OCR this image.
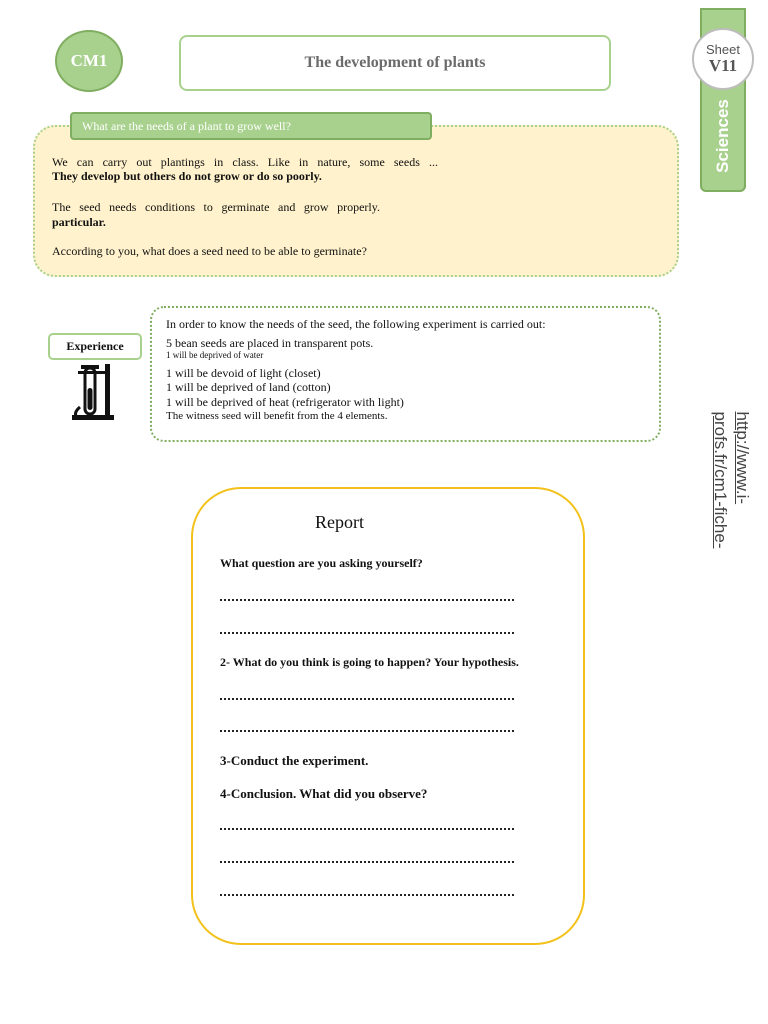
CM1	The development of plants
Sciences
Sheet
V11
What are the needs of a plant to grow well?

We can carry out plantings in class. Like in nature, some seeds ...

They develop but others do not grow or do so poorly.

The seed needs conditions to germinate and grow properly.

particular.

According to you, what does a seed need to be able to germinate?

Experience

In order to know the needs of the seed, the following experiment is carried out:

5 bean seeds are placed in transparent pots.

1 will be deprived of water

1 will be devoid of light (closet)

1 will be deprived of land (cotton)

1 will be deprived of heat (refrigerator with light)

The witness seed will benefit from the 4 elements.

Report

What question are you asking yourself?

2- What do you think is going to happen? Your hypothesis.

3-Conduct the experiment.

4-Conclusion. What did you observe?

http://www.i-
profs.fr/cm1-fiche-
